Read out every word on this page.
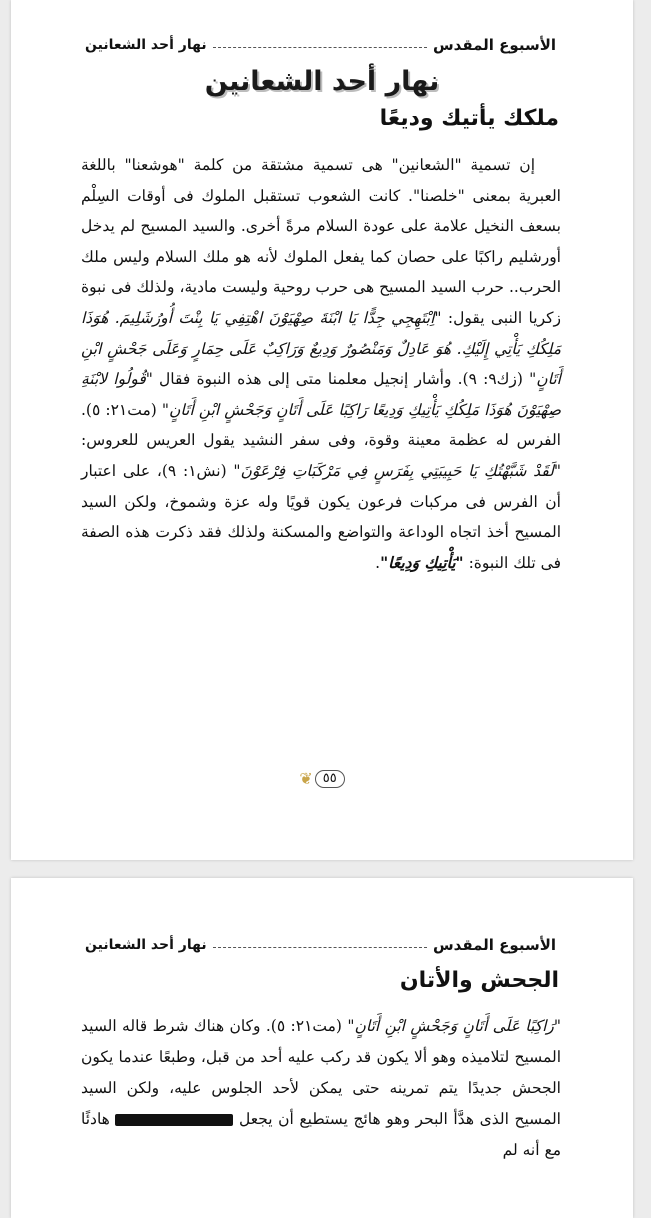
الأسبوع المقدس
نهار أحد الشعانين
نهار أحد الشعانين
ملكك يأتيك وديعًا

إن تسمية "الشعانين" هى تسمية مشتقة من كلمة "هوشعنا" باللغة العبرية بمعنى "خلصنا". كانت الشعوب تستقبل الملوك فى أوقات السِلْم بسعف النخيل علامة على عودة السلام مرةً أخرى. والسيد المسيح لم يدخل أورشليم راكبًا على حصان كما يفعل الملوك لأنه هو ملك السلام وليس ملك الحرب.. حرب السيد المسيح هى حرب روحية وليست مادية، ولذلك فى نبوة زكريا النبى يقول: "اِبْتَهِجِي جِدًّا يَا ابْنَةَ صِهْيَوْنَ اهْتِفِي يَا بِنْتَ أُورُشَلِيمَ. هُوَذَا مَلِكُكِ يَأْتِي إِلَيْكِ. هُوَ عَادِلٌ وَمَنْصُورٌ وَدِيعٌ وَرَاكِبٌ عَلَى حِمَارٍ وَعَلَى جَحْشٍ ابْنِ أَتَانٍ" (زك٩: ٩). وأشار إنجيل معلمنا متى إلى هذه النبوة فقال "قُولُوا لابْنَةِ صِهْيَوْنَ هُوَذَا مَلِكُكِ يَأْتِيكِ وَدِيعًا رَاكِبًا عَلَى أَتَانٍ وَجَحْشٍ ابْنِ أَتَانٍ" (مت٢١: ٥). الفرس له عظمة معينة وقوة، وفى سفر النشيد يقول العريس للعروس: "لَقَدْ شَبَّهْتُكِ يَا حَبِيبَتِي بِفَرَسٍ فِي مَرْكَبَاتِ فِرْعَوْنَ" (نش١: ٩)، على اعتبار أن الفرس فى مركبات فرعون يكون قويًا وله عزة وشموخ، ولكن السيد المسيح أخذ اتجاه الوداعة والتواضع والمسكنة ولذلك فقد ذكرت هذه الصفة فى تلك النبوة: "يَأْتِيكِ وَدِيعًا".

٥٥
❦
الأسبوع المقدس
نهار أحد الشعانين
الجحش والأتان

"رَاكِبًا عَلَى أَتَانٍ وَجَحْشٍ ابْنِ أَتَانٍ" (مت٢١: ٥). وكان هناك شرط قاله السيد المسيح لتلاميذه وهو ألا يكون قد ركب عليه أحد من قبل، وطبعًا عندما يكون الجحش جديدًا يتم تمرينه حتى يمكن لأحد الجلوس عليه، ولكن السيد المسيح الذى هدَّأ البحر وهو هائج يستطيع أن يجعل  هادئًا مع أنه لم
